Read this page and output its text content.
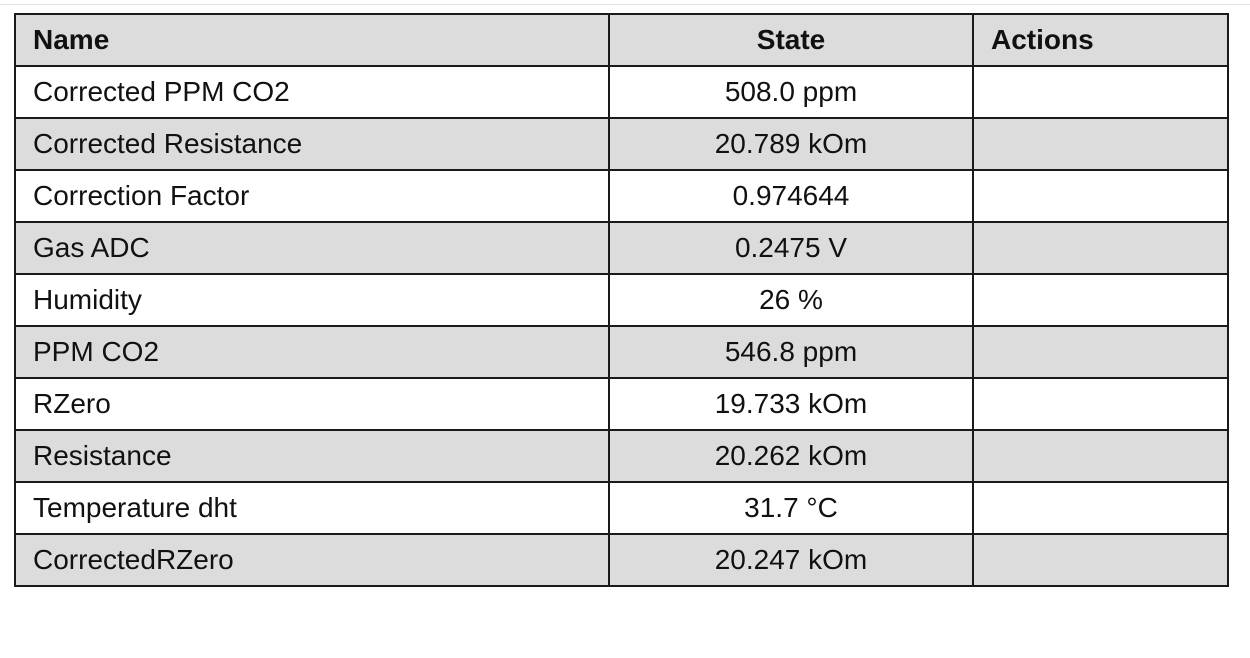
Name	State	Actions
Corrected PPM CO2	508.0 ppm	
Corrected Resistance	20.789 kOm	
Correction Factor	0.974644	
Gas ADC	0.2475 V	
Humidity	26 %	
PPM CO2	546.8 ppm	
RZero	19.733 kOm	
Resistance	20.262 kOm	
Temperature dht	31.7 °C	
CorrectedRZero	20.247 kOm	
